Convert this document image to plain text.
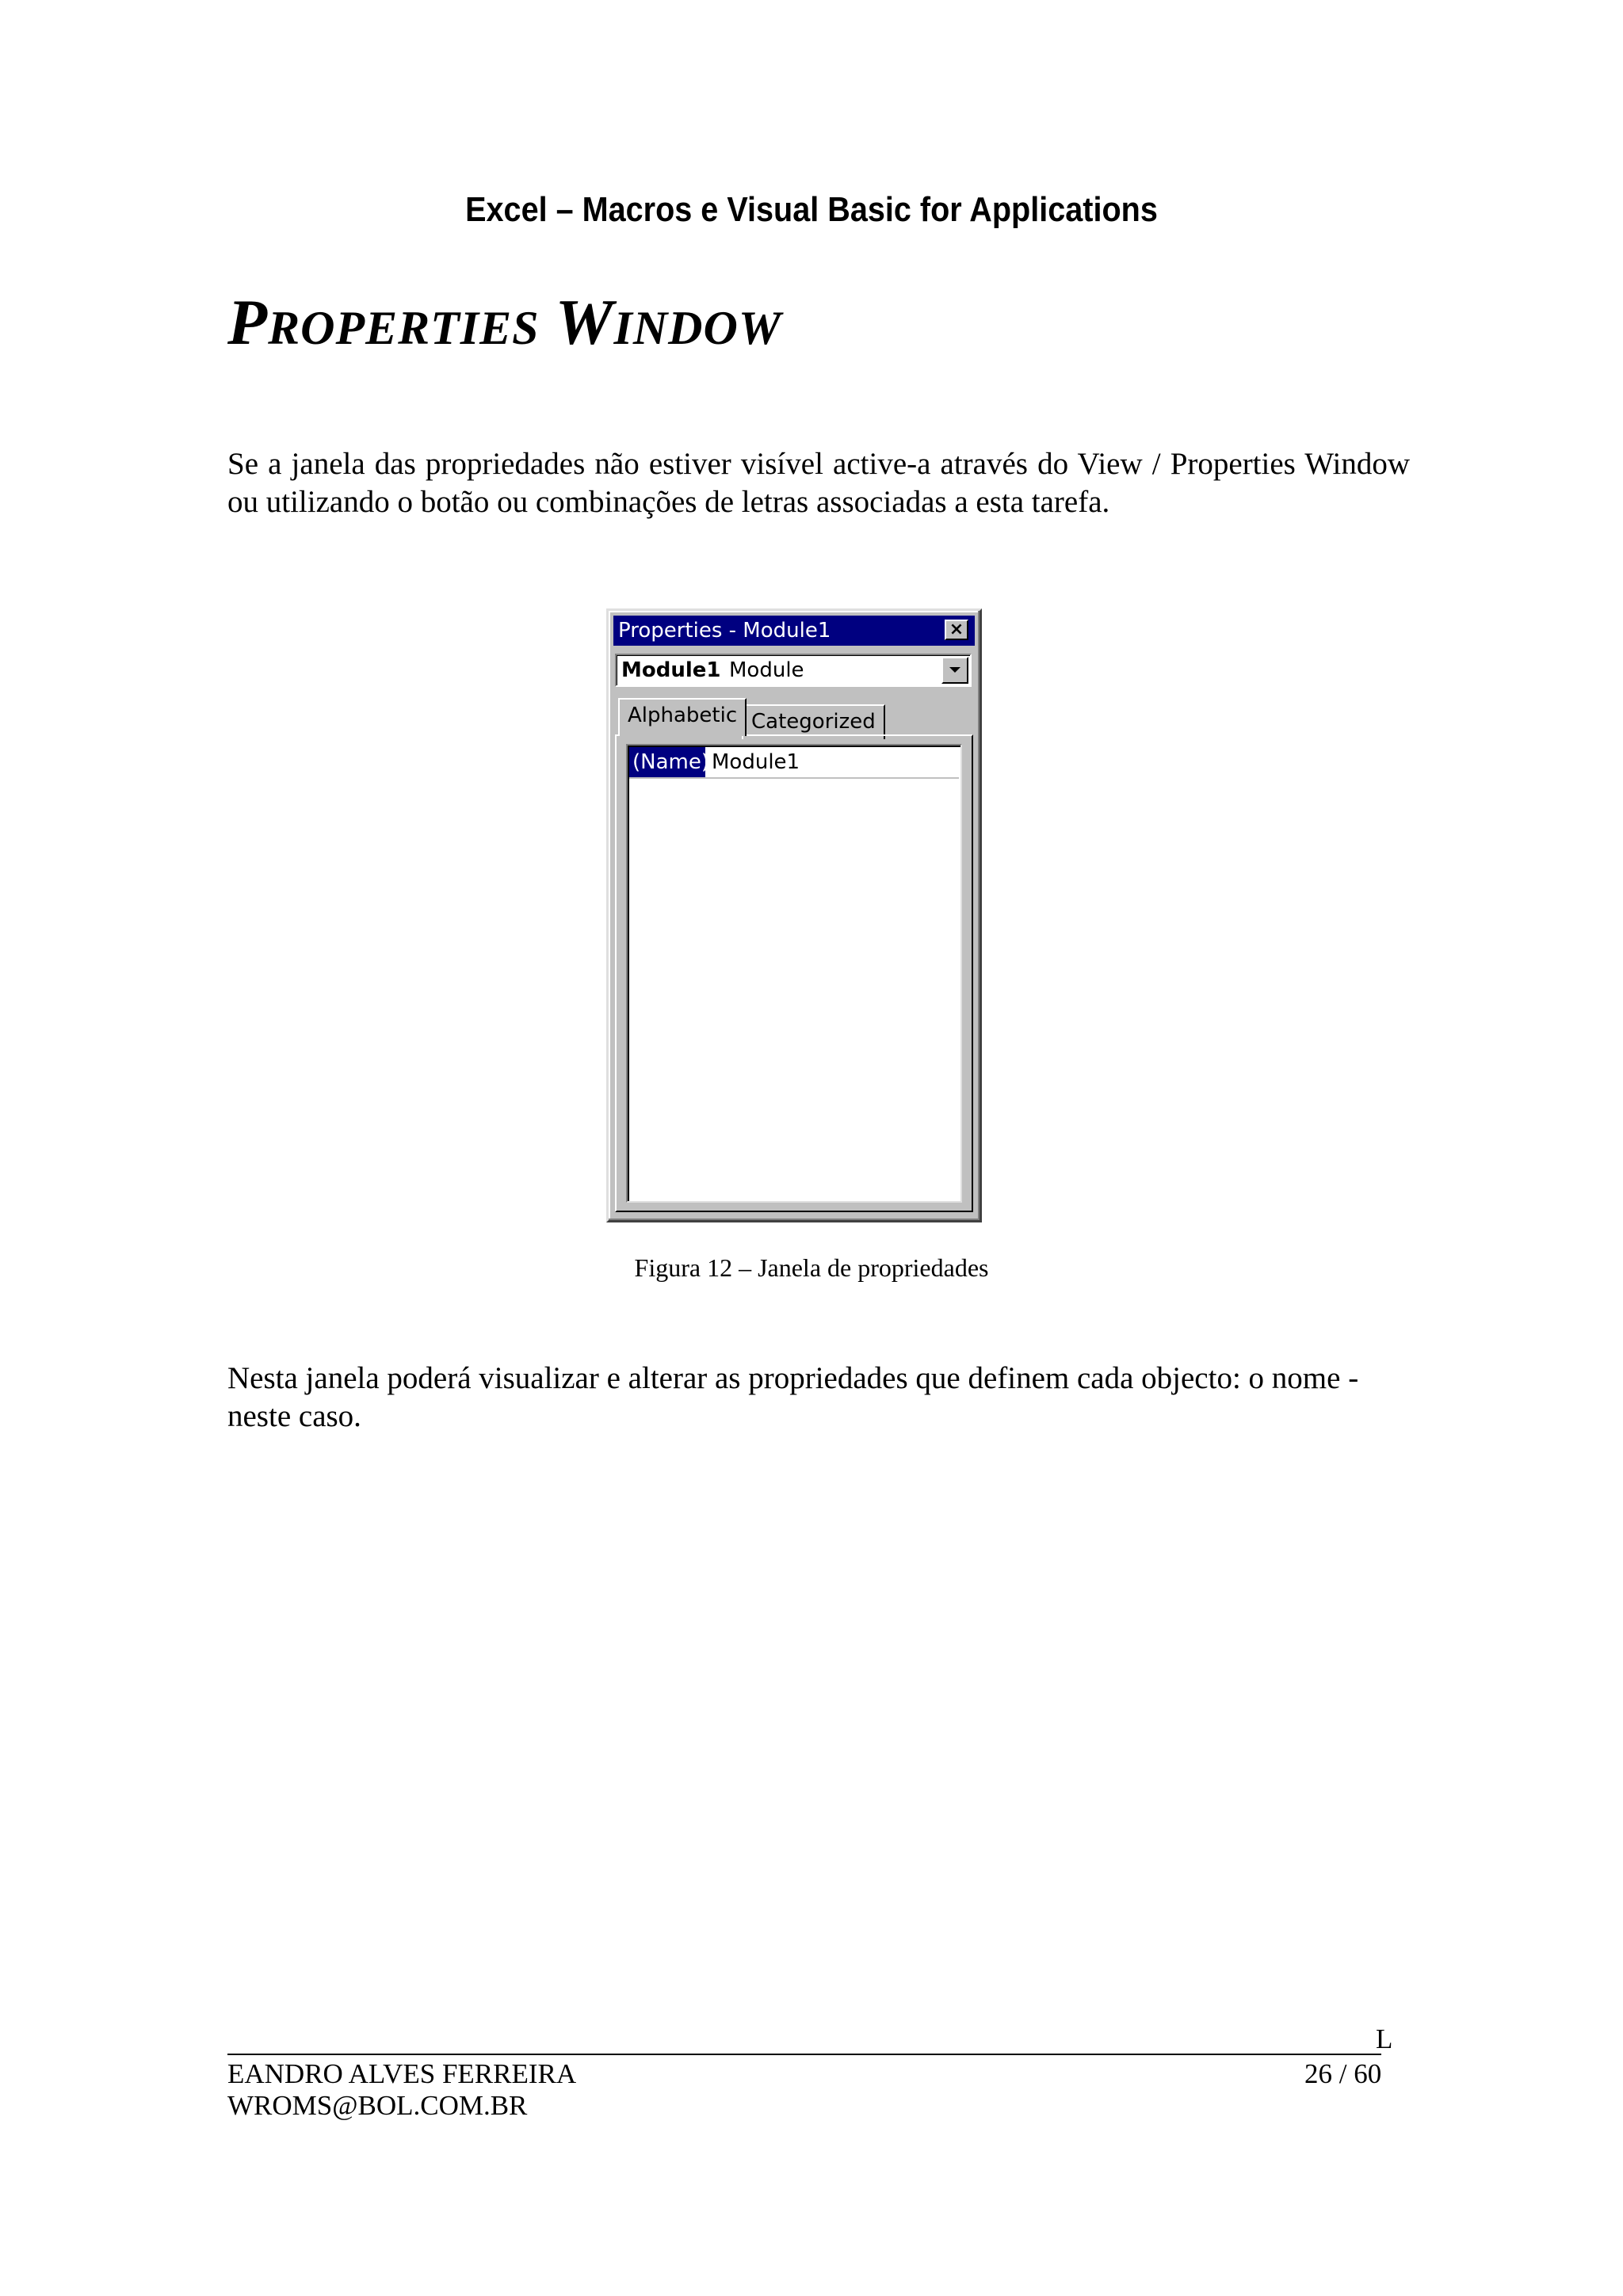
Excel – Macros e Visual Basic for Applications
PROPERTIES WINDOW
Se a janela das propriedades não estiver visível active-a através do View / Properties Window ou utilizando o botão ou combinações de letras associadas a esta tarefa.
Properties - Module1	×
Module1 Module
Alphabetic Categorized
(Name) Module1
Figura 12 – Janela de propriedades
Nesta janela poderá visualizar e alterar as propriedades que definem cada objecto: o nome - neste caso.
L
EANDRO ALVES FERREIRA
WROMS@BOL.COM.BR
26 / 60
